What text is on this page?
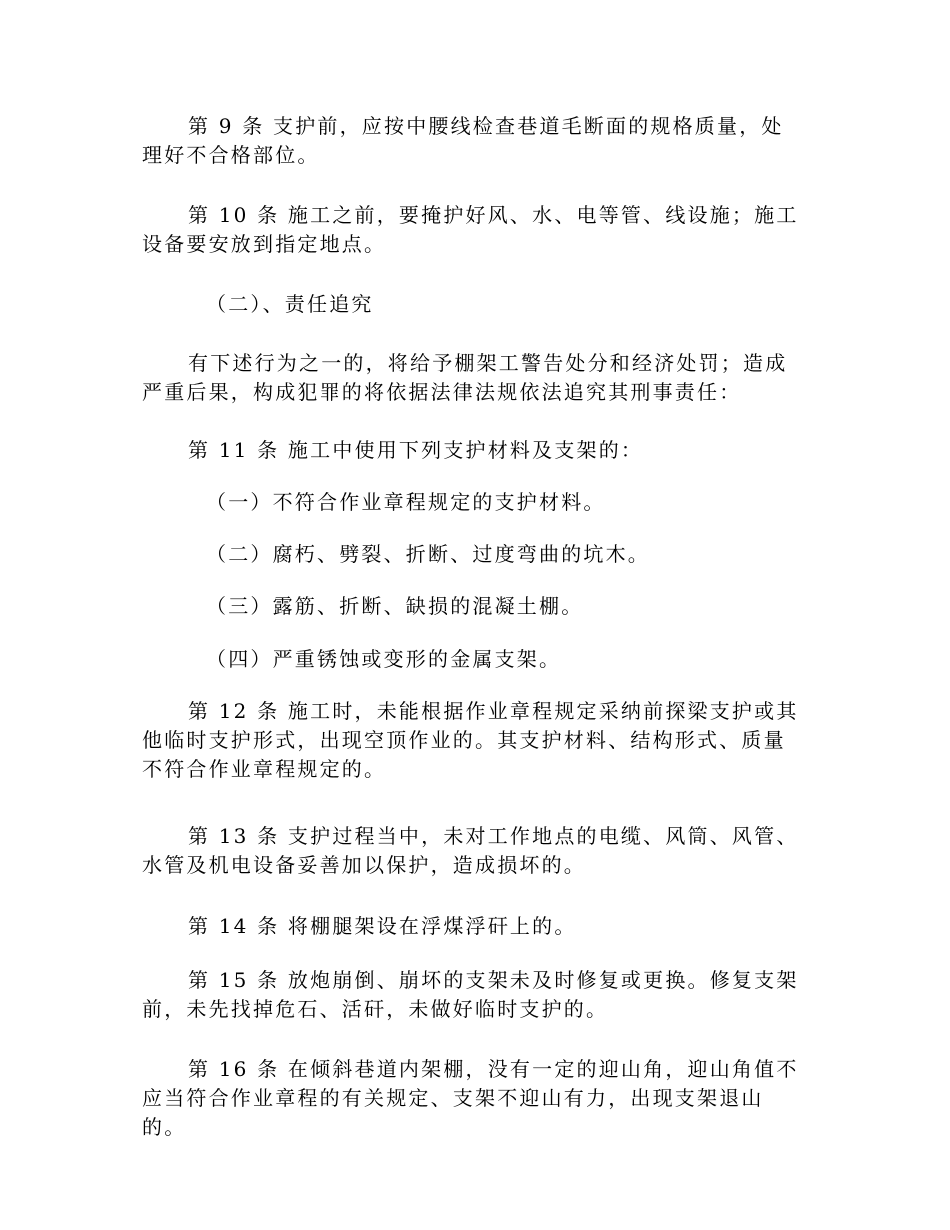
第 9 条 支护前，应按中腰线检查巷道毛断面的规格质量，处理好不合格部位。

第 10 条 施工之前，要掩护好风、水、电等管、线设施；施工设备要安放到指定地点。

（二）、责任追究

有下述行为之一的，将给予棚架工警告处分和经济处罚；造成严重后果，构成犯罪的将依据法律法规依法追究其刑事责任：

第 11 条 施工中使用下列支护材料及支架的：

（一）不符合作业章程规定的支护材料。

（二）腐朽、劈裂、折断、过度弯曲的坑木。

（三）露筋、折断、缺损的混凝土棚。

（四）严重锈蚀或变形的金属支架。

第 12 条 施工时，未能根据作业章程规定采纳前探梁支护或其他临时支护形式，出现空顶作业的。其支护材料、结构形式、质量不符合作业章程规定的。

第 13 条 支护过程当中，未对工作地点的电缆、风筒、风管、水管及机电设备妥善加以保护，造成损坏的。

第 14 条 将棚腿架设在浮煤浮矸上的。

第 15 条 放炮崩倒、崩坏的支架未及时修复或更换。修复支架前，未先找掉危石、活矸，未做好临时支护的。

第 16 条 在倾斜巷道内架棚，没有一定的迎山角，迎山角值不应当符合作业章程的有关规定、支架不迎山有力，出现支架退山的。
